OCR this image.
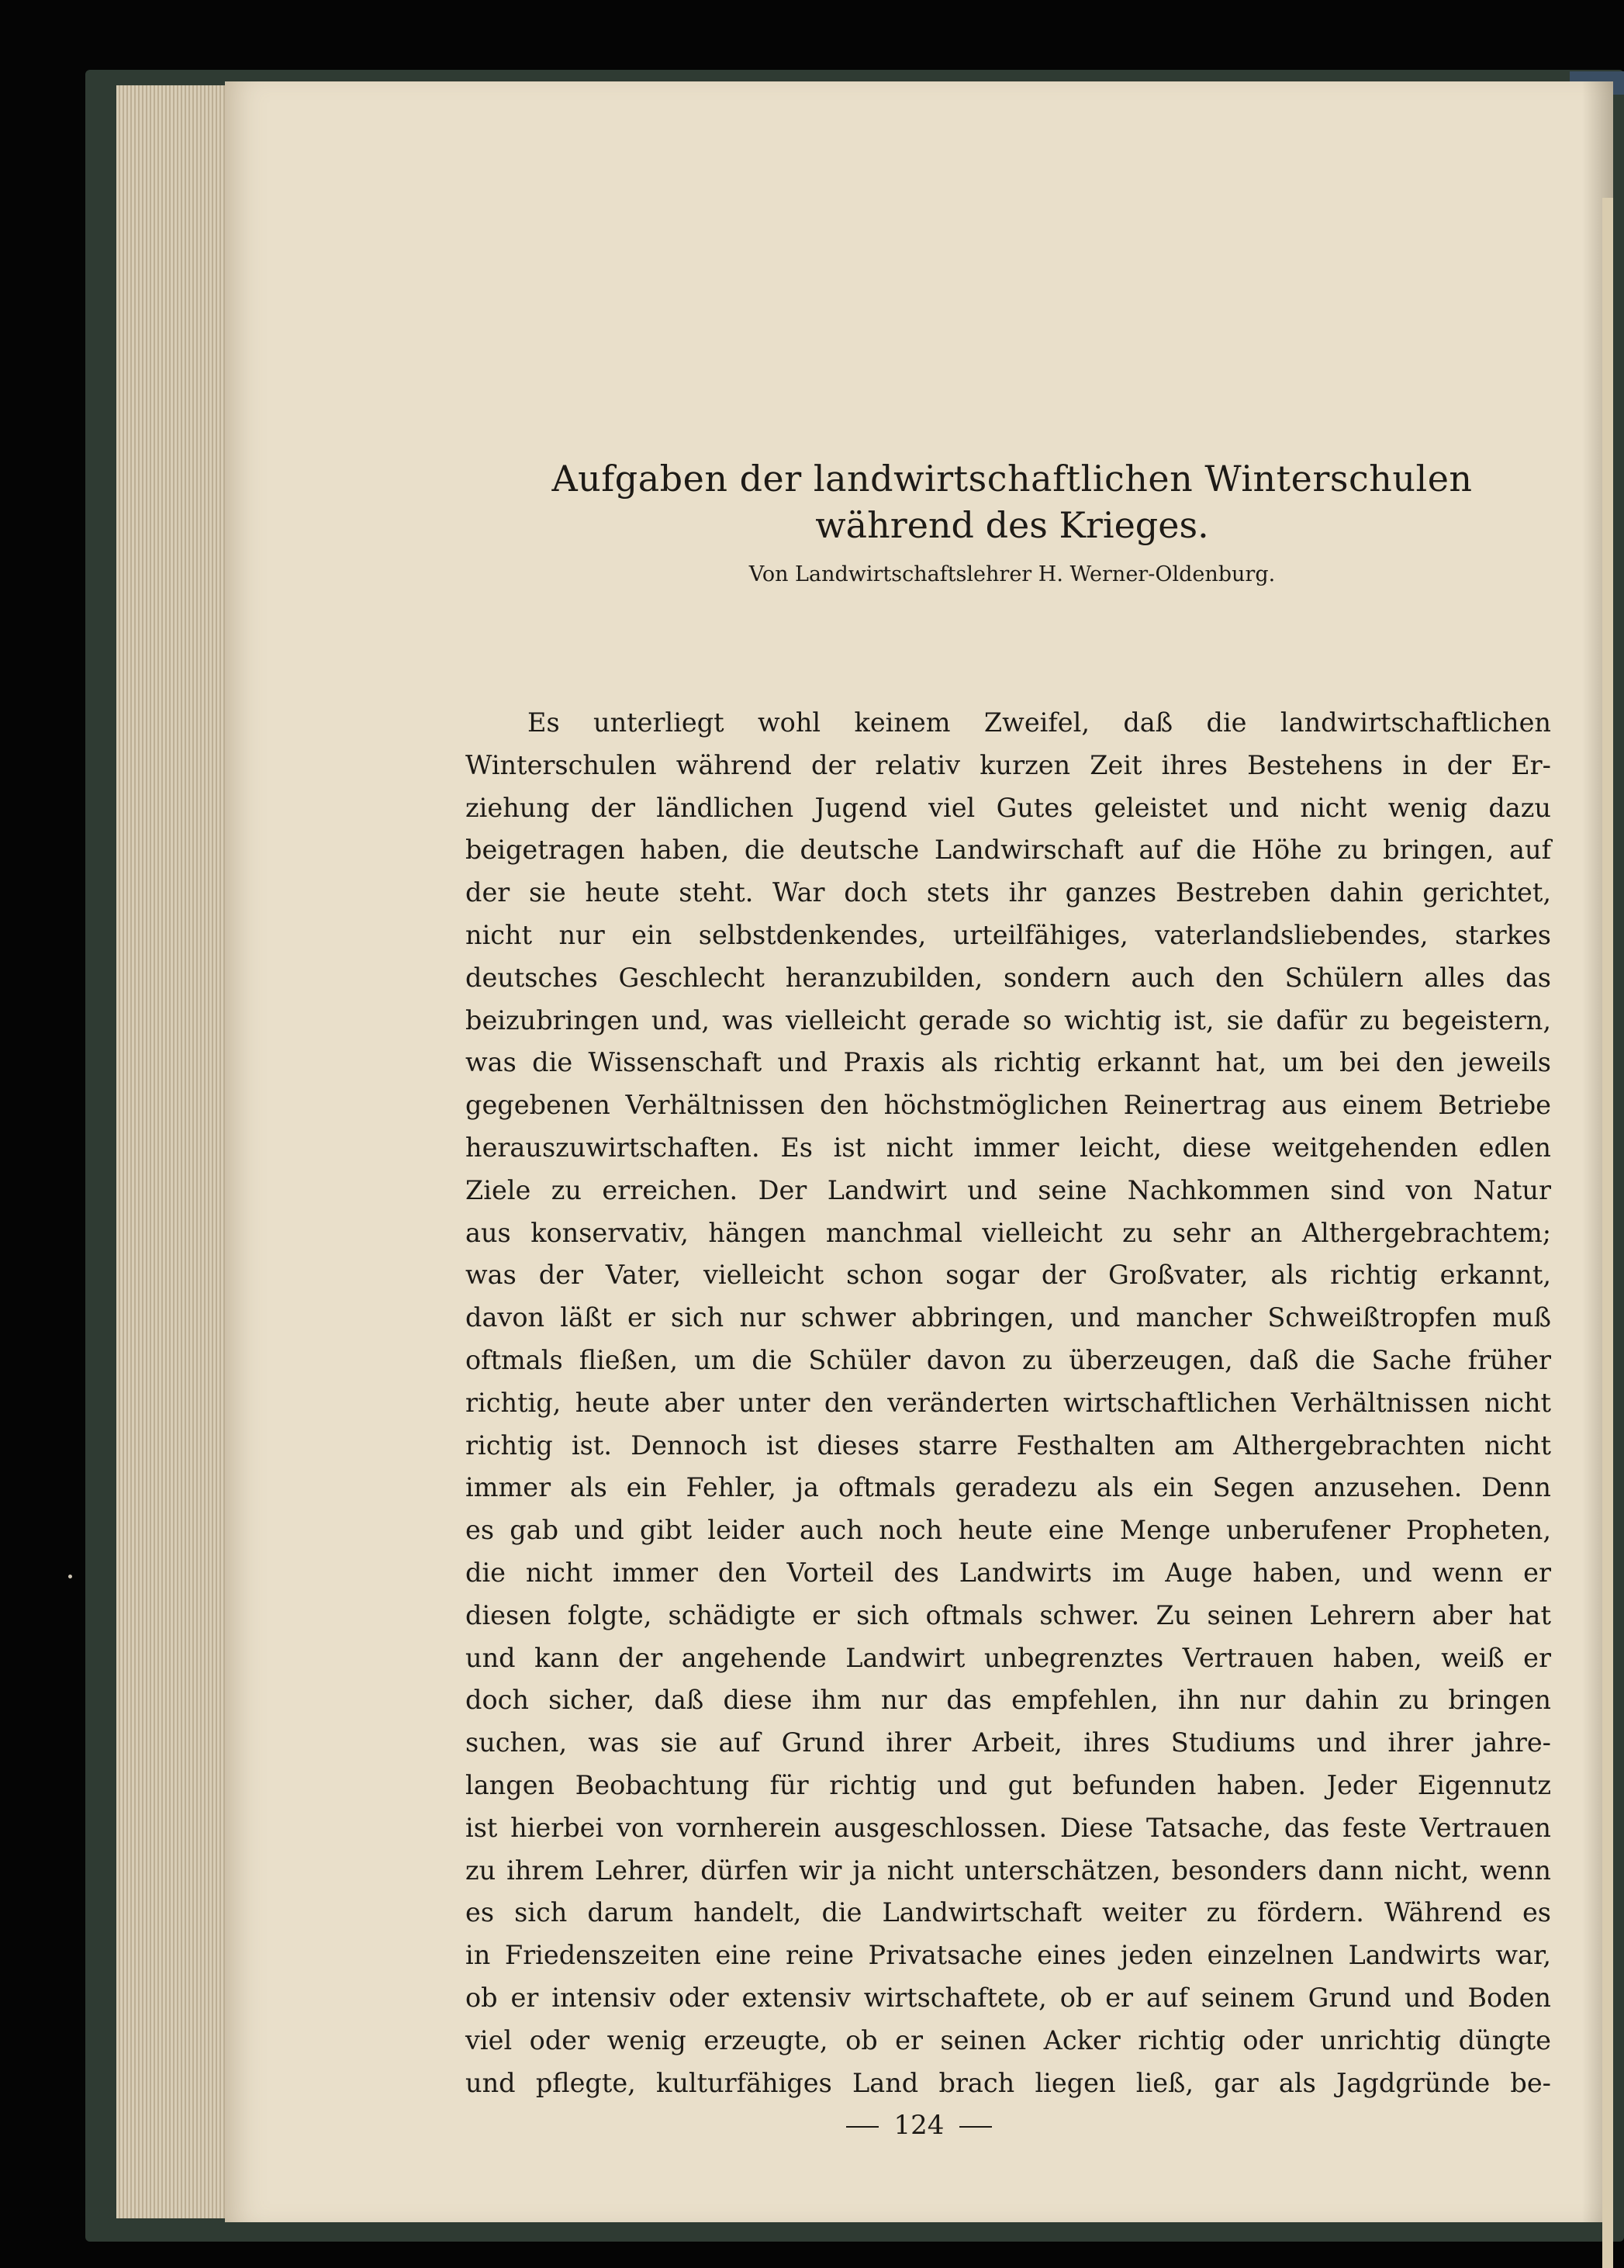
Aufgaben der landwirtschaftlichen Winterschulen
während des Krieges.
Von Landwirtschaftslehrer H. Werner-Oldenburg.
Es unterliegt wohl keinem Zweifel, daß die landwirtschaftlichen
Winterschulen während der relativ kurzen Zeit ihres Bestehens in der Er-
ziehung der ländlichen Jugend viel Gutes geleistet und nicht wenig dazu
beigetragen haben, die deutsche Landwirschaft auf die Höhe zu bringen, auf
der sie heute steht. War doch stets ihr ganzes Bestreben dahin gerichtet,
nicht nur ein selbstdenkendes, urteilfähiges, vaterlandsliebendes, starkes
deutsches Geschlecht heranzubilden, sondern auch den Schülern alles das
beizubringen und, was vielleicht gerade so wichtig ist, sie dafür zu begeistern,
was die Wissenschaft und Praxis als richtig erkannt hat, um bei den jeweils
gegebenen Verhältnissen den höchstmöglichen Reinertrag aus einem Betriebe
herauszuwirtschaften. Es ist nicht immer leicht, diese weitgehenden edlen
Ziele zu erreichen. Der Landwirt und seine Nachkommen sind von Natur
aus konservativ, hängen manchmal vielleicht zu sehr an Althergebrachtem;
was der Vater, vielleicht schon sogar der Großvater, als richtig erkannt,
davon läßt er sich nur schwer abbringen, und mancher Schweißtropfen muß
oftmals fließen, um die Schüler davon zu überzeugen, daß die Sache früher
richtig, heute aber unter den veränderten wirtschaftlichen Verhältnissen nicht
richtig ist. Dennoch ist dieses starre Festhalten am Althergebrachten nicht
immer als ein Fehler, ja oftmals geradezu als ein Segen anzusehen. Denn
es gab und gibt leider auch noch heute eine Menge unberufener Propheten,
die nicht immer den Vorteil des Landwirts im Auge haben, und wenn er
diesen folgte, schädigte er sich oftmals schwer. Zu seinen Lehrern aber hat
und kann der angehende Landwirt unbegrenztes Vertrauen haben, weiß er
doch sicher, daß diese ihm nur das empfehlen, ihn nur dahin zu bringen
suchen, was sie auf Grund ihrer Arbeit, ihres Studiums und ihrer jahre-
langen Beobachtung für richtig und gut befunden haben. Jeder Eigennutz
ist hierbei von vornherein ausgeschlossen. Diese Tatsache, das feste Vertrauen
zu ihrem Lehrer, dürfen wir ja nicht unterschätzen, besonders dann nicht, wenn
es sich darum handelt, die Landwirtschaft weiter zu fördern. Während es
in Friedenszeiten eine reine Privatsache eines jeden einzelnen Landwirts war,
ob er intensiv oder extensiv wirtschaftete, ob er auf seinem Grund und Boden
viel oder wenig erzeugte, ob er seinen Acker richtig oder unrichtig düngte
und pflegte, kulturfähiges Land brach liegen ließ, gar als Jagdgründe be-
124
